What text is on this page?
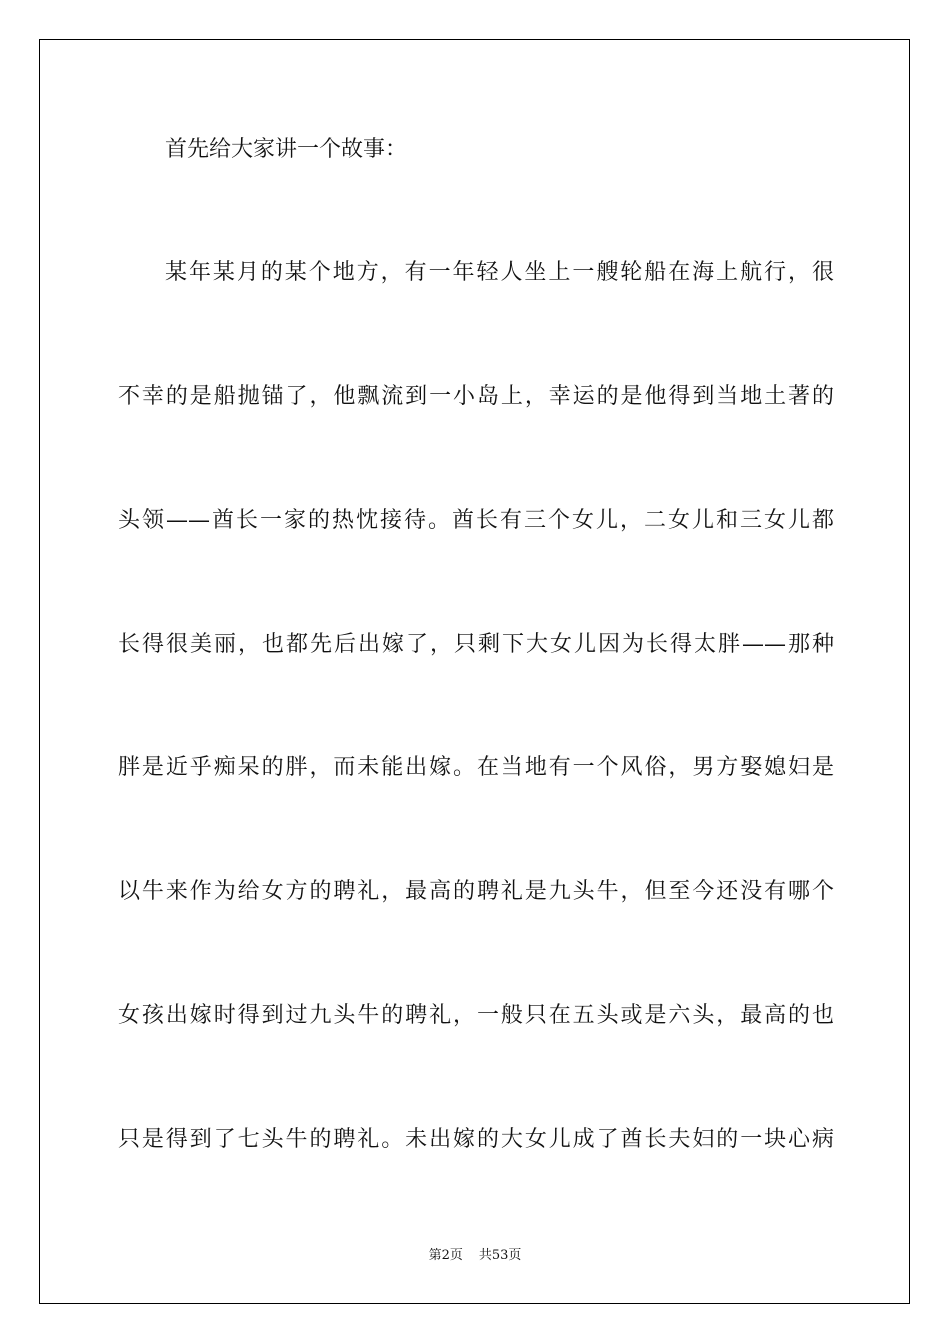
首先给大家讲一个故事：
某年某月的某个地方，有一年轻人坐上一艘轮船在海上航行，很
不幸的是船抛锚了，他飘流到一小岛上，幸运的是他得到当地土著的
头领——酋长一家的热忱接待。酋长有三个女儿，二女儿和三女儿都
长得很美丽，也都先后出嫁了，只剩下大女儿因为长得太胖——那种
胖是近乎痴呆的胖，而未能出嫁。在当地有一个风俗，男方娶媳妇是
以牛来作为给女方的聘礼，最高的聘礼是九头牛，但至今还没有哪个
女孩出嫁时得到过九头牛的聘礼，一般只在五头或是六头，最高的也
只是得到了七头牛的聘礼。未出嫁的大女儿成了酋长夫妇的一块心病
第2页 共53页
